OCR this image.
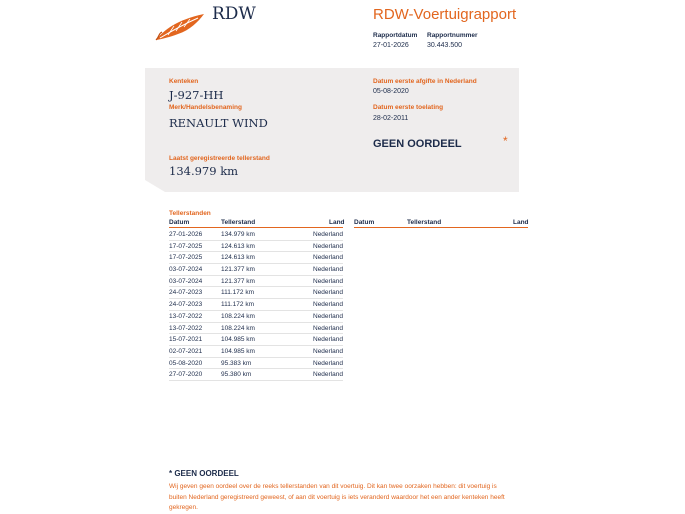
RDW	RDW-Voertuigrapport
Rapportdatum
27-01-2026
Rapportnummer
30.443.500
Kenteken
J-927-HH
Merk/Handelsbenaming
RENAULT WIND
Laatst geregistreerde tellerstand
134.979 km
Datum eerste afgifte in Nederland
05-08-2020
Datum eerste toelating
28-02-2011
GEEN OORDEEL	*
Tellerstanden
Datum	Tellerstand	Land Datum	Tellerstand	Land
27-01-2026	134.979 km	Nederland
17-07-2025	124.613 km	Nederland
17-07-2025	124.613 km	Nederland
03-07-2024	121.377 km	Nederland
03-07-2024	121.377 km	Nederland
24-07-2023	111.172 km	Nederland
24-07-2023	111.172 km	Nederland
13-07-2022	108.224 km	Nederland
13-07-2022	108.224 km	Nederland
15-07-2021	104.985 km	Nederland
02-07-2021	104.985 km	Nederland
05-08-2020	95.383 km	Nederland
27-07-2020	95.380 km	Nederland
* GEEN OORDEEL
Wij geven geen oordeel over de reeks tellerstanden van dit voertuig. Dit kan twee oorzaken hebben: dit voertuig is buiten Nederland geregistreerd geweest, of aan dit voertuig is iets veranderd waardoor het een ander kenteken heeft gekregen.
